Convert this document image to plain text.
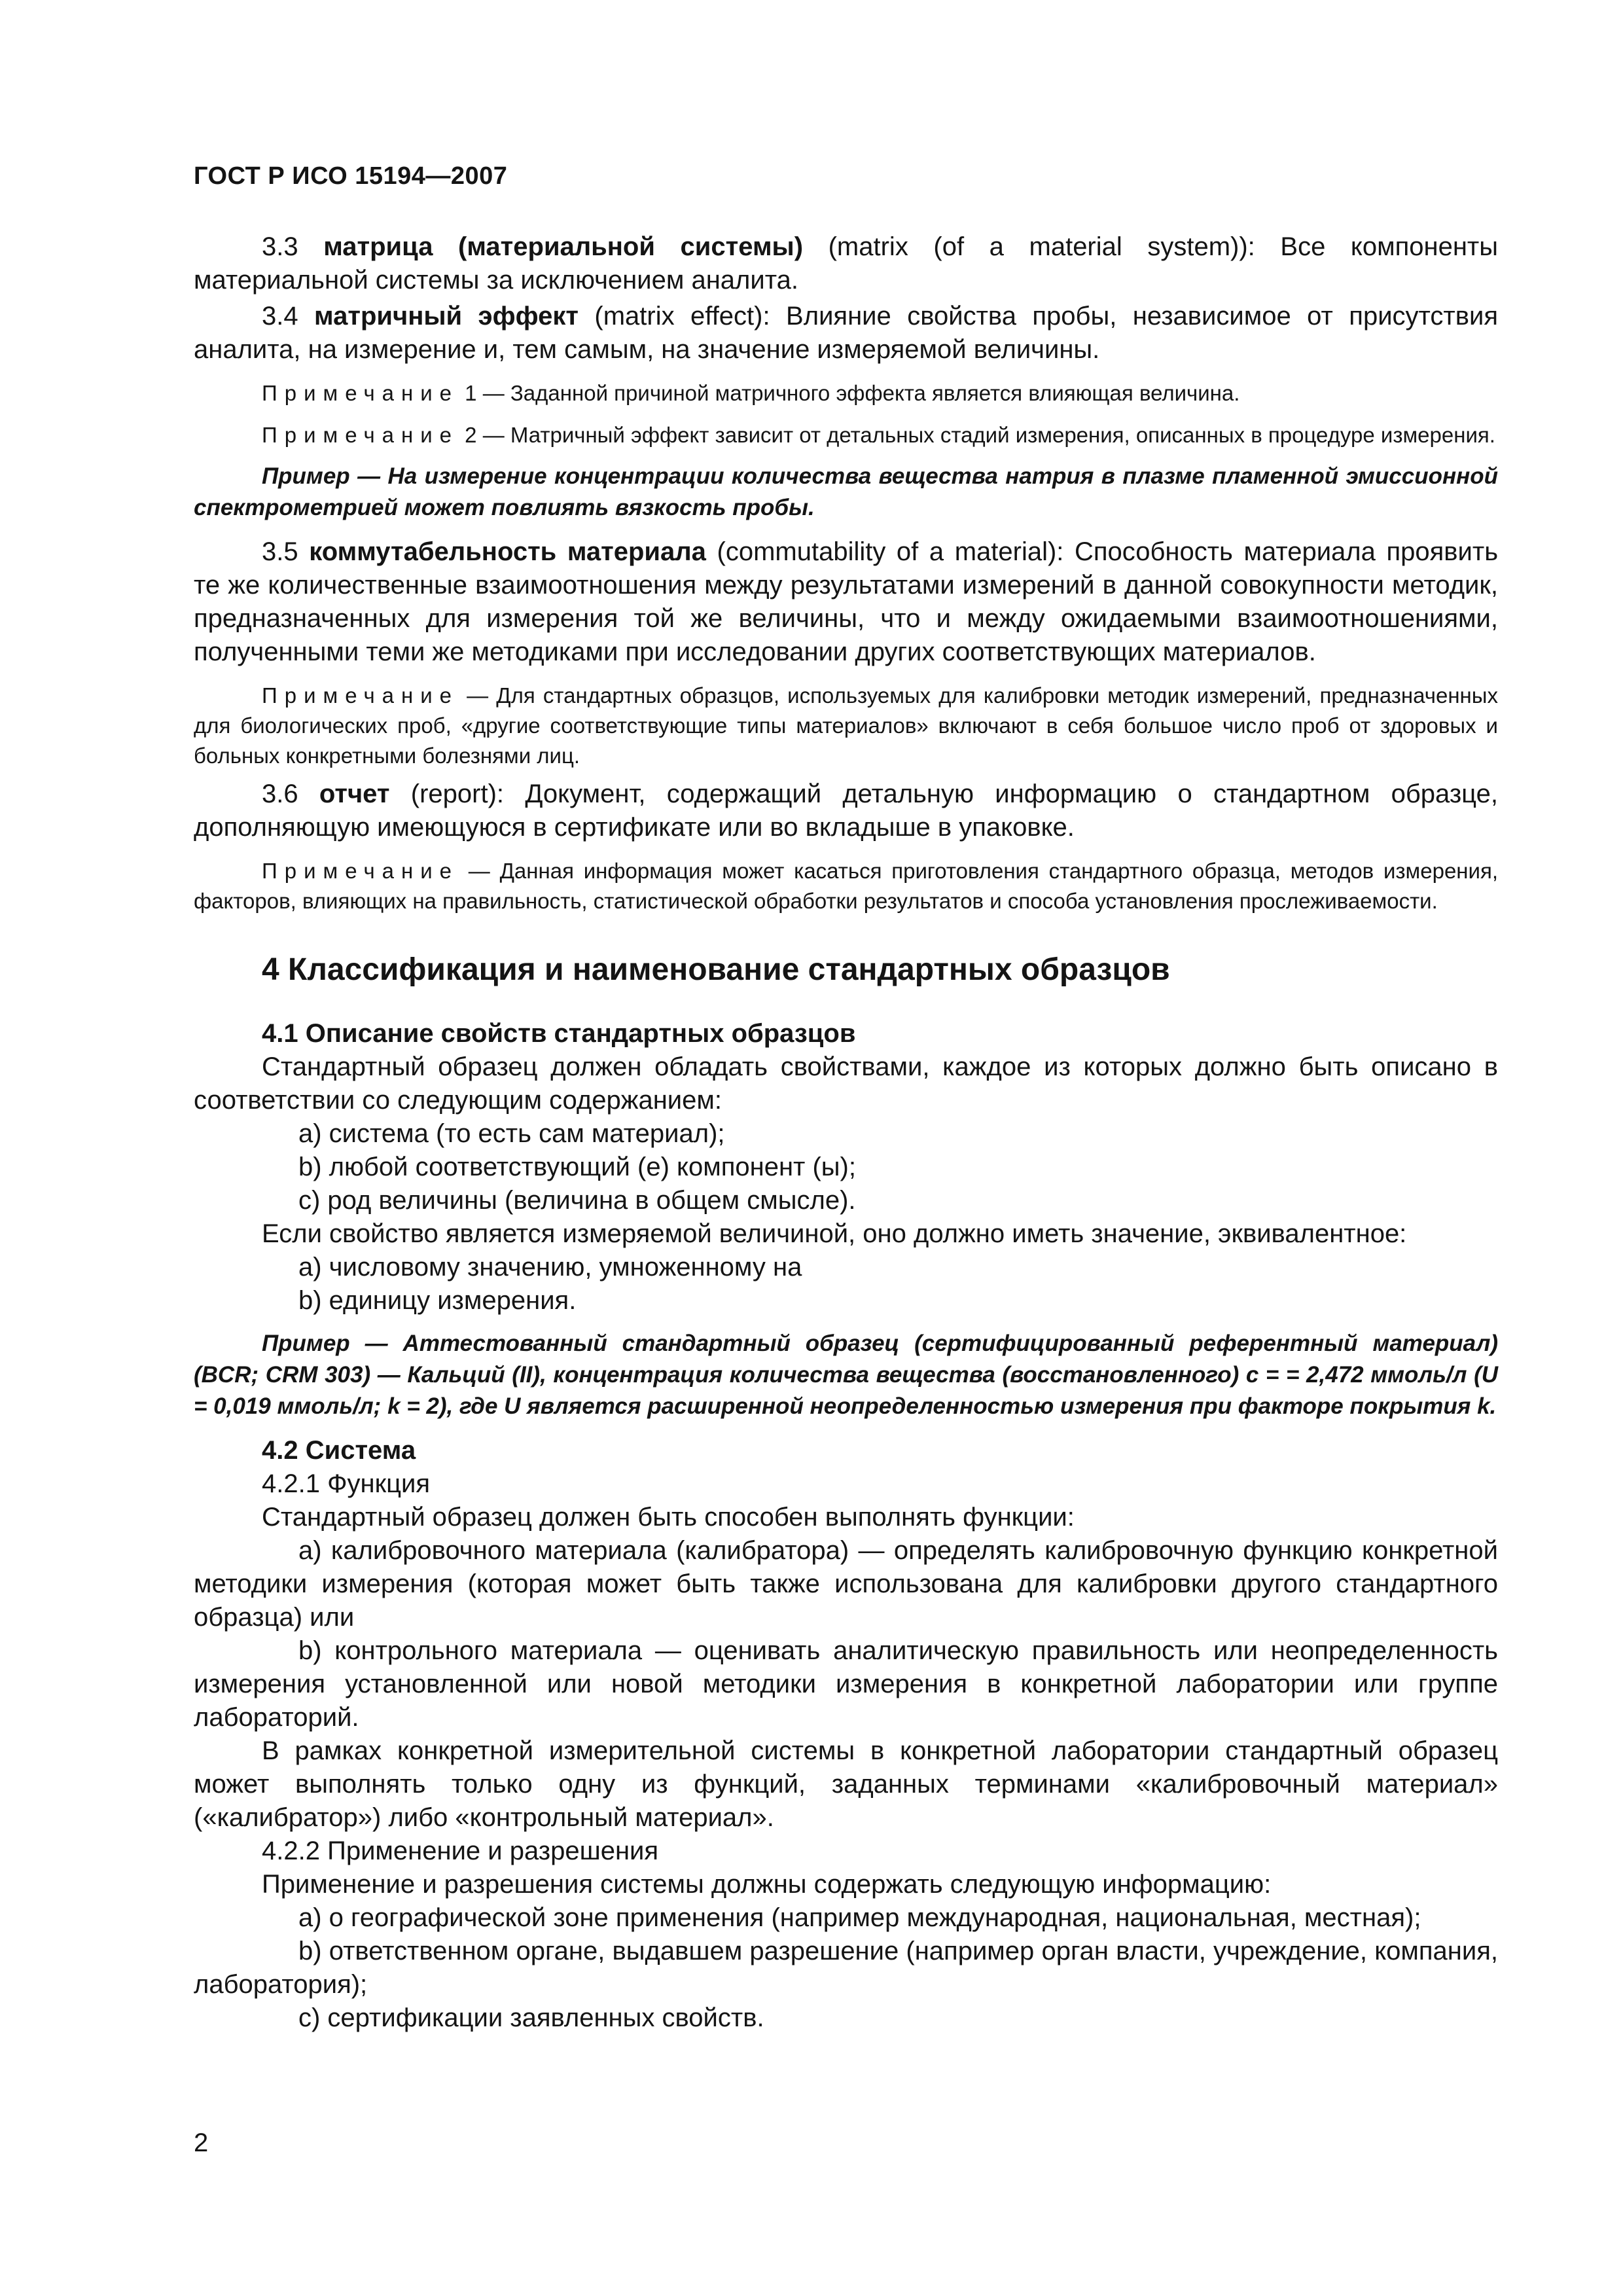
ГОСТ Р ИСО 15194—2007

3.3 матрица (материальной системы) (matrix (of a material system)): Все компоненты материальной системы за исключением аналита.

3.4 матричный эффект (matrix effect): Влияние свойства пробы, независимое от присутствия аналита, на измерение и, тем самым, на значение измеряемой величины.

Примечание 1 — Заданной причиной матричного эффекта является влияющая величина.

Примечание 2 — Матричный эффект зависит от детальных стадий измерения, описанных в процедуре измерения.

Пример — На измерение концентрации количества вещества натрия в плазме пламенной эмиссионной спектрометрией может повлиять вязкость пробы.

3.5 коммутабельность материала (commutability of a material): Способность материала проявить те же количественные взаимоотношения между результатами измерений в данной совокупности методик, предназначенных для измерения той же величины, что и между ожидаемыми взаимоотношениями, полученными теми же методиками при исследовании других соответствующих материалов.

Примечание — Для стандартных образцов, используемых для калибровки методик измерений, предназначенных для биологических проб, «другие соответствующие типы материалов» включают в себя большое число проб от здоровых и больных конкретными болезнями лиц.

3.6 отчет (report): Документ, содержащий детальную информацию о стандартном образце, дополняющую имеющуюся в сертификате или во вкладыше в упаковке.

Примечание — Данная информация может касаться приготовления стандартного образца, методов измерения, факторов, влияющих на правильность, статистической обработки результатов и способа установления прослеживаемости.

4 Классификация и наименование стандартных образцов
4.1 Описание свойств стандартных образцов

Стандартный образец должен обладать свойствами, каждое из которых должно быть описано в соответствии со следующим содержанием:

a) система (то есть сам материал);
b) любой соответствующий (е) компонент (ы);
c) род величины (величина в общем смысле).

Если свойство является измеряемой величиной, оно должно иметь значение, эквивалентное:

a) числовому значению, умноженному на
b) единицу измерения.

Пример — Аттестованный стандартный образец (сертифицированный референтный материал) (BCR; CRM 303) — Кальций (II), концентрация количества вещества (восстановленного) c = = 2,472 ммоль/л (U = 0,019 ммоль/л; k = 2), где U является расширенной неопределенностью измерения при факторе покрытия k.

4.2 Система
4.2.1 Функция

Стандартный образец должен быть способен выполнять функции:

a) калибровочного материала (калибратора) — определять калибровочную функцию конкретной методики измерения (которая может быть также использована для калибровки другого стандартного образца) или

b) контрольного материала — оценивать аналитическую правильность или неопределенность измерения установленной или новой методики измерения в конкретной лаборатории или группе лабораторий.

В рамках конкретной измерительной системы в конкретной лаборатории стандартный образец может выполнять только одну из функций, заданных терминами «калибровочный материал» («калибратор») либо «контрольный материал».

4.2.2 Применение и разрешения

Применение и разрешения системы должны содержать следующую информацию:

a) о географической зоне применения (например международная, национальная, местная);

b) ответственном органе, выдавшем разрешение (например орган власти, учреждение, компания, лаборатория);

c) сертификации заявленных свойств.

2
